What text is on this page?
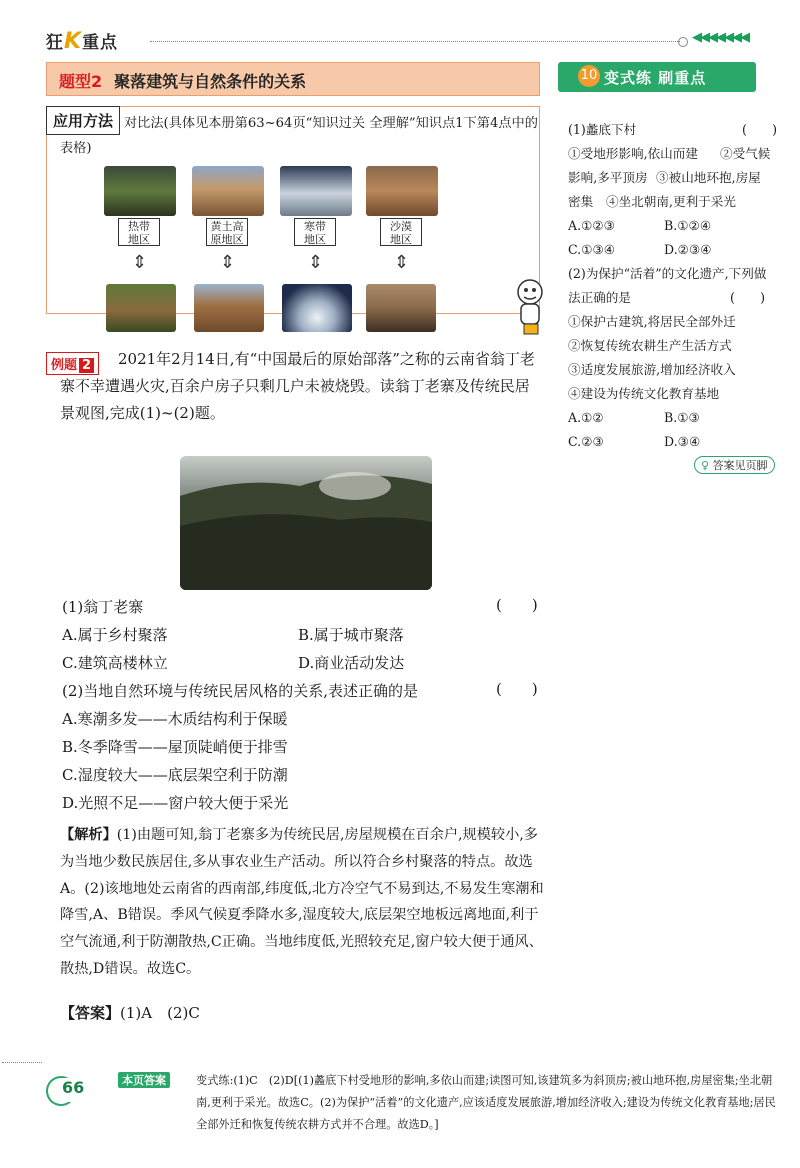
狂K重点	◀◀◀◀◀◀◀
题型2 聚落建筑与自然条件的关系
对比法(具体见本册第63~64页“知识过关 全理解”知识点1下第4点中的表格)
应用方法
热带
地区
黄土高
原地区
寒带
地区
沙漠
地区
⇕	⇕	⇕	⇕
2021年2月14日,有“中国最后的原始部落”之称的云南省翁丁老寨不幸遭遇火灾,百余户房子只剩几户未被烧毁。读翁丁老寨及传统民居景观图,完成(1)~(2)题。
例题 2
(1)翁丁老寨	(　　)
A.属于乡村聚落	B.属于城市聚落
C.建筑高楼林立	D.商业活动发达
(2)当地自然环境与传统民居风格的关系,表述正确的是	(　　)
A.寒潮多发——木质结构利于保暖
B.冬季降雪——屋顶陡峭便于排雪
C.湿度较大——底层架空利于防潮
D.光照不足——窗户较大便于采光
【解析】(1)由题可知,翁丁老寨多为传统民居,房屋规模在百余户,规模较小,多为当地少数民族居住,多从事农业生产活动。所以符合乡村聚落的特点。故选A。(2)该地地处云南省的西南部,纬度低,北方冷空气不易到达,不易发生寒潮和降雪,A、B错误。季风气候夏季降水多,湿度较大,底层架空地板远离地面,利于空气流通,利于防潮散热,C正确。当地纬度低,光照较充足,窗户较大便于通风、散热,D错误。故选C。
【答案】(1)A　(2)C
10 变式练 刷重点
(1)蠡底下村	(　　)
①受地形影响,依山而建 ②受气候
影响,多平顶房 ③被山地环抱,房屋
密集 ④坐北朝南,更利于采光
A.①②③	B.①②④
C.①③④	D.②③④
(2)为保护“活着”的文化遗产,下列做
法正确的是	(　　)
①保护古建筑,将居民全部外迁
②恢复传统农耕生产生活方式
③适度发展旅游,增加经济收入
④建设为传统文化教育基地
A.①②	B.①③
C.②③	D.③④
♀ 答案见页脚
66	本页答案	变式练:(1)C　(2)D[(1)蠡底下村受地形的影响,多依山而建;读图可知,该建筑多为斜顶房;被山地环抱,房屋密集;坐北朝南,更利于采光。故选C。(2)为保护“活着”的文化遗产,应该适度发展旅游,增加经济收入;建设为传统文化教育基地;居民全部外迁和恢复传统农耕方式并不合理。故选D。]
